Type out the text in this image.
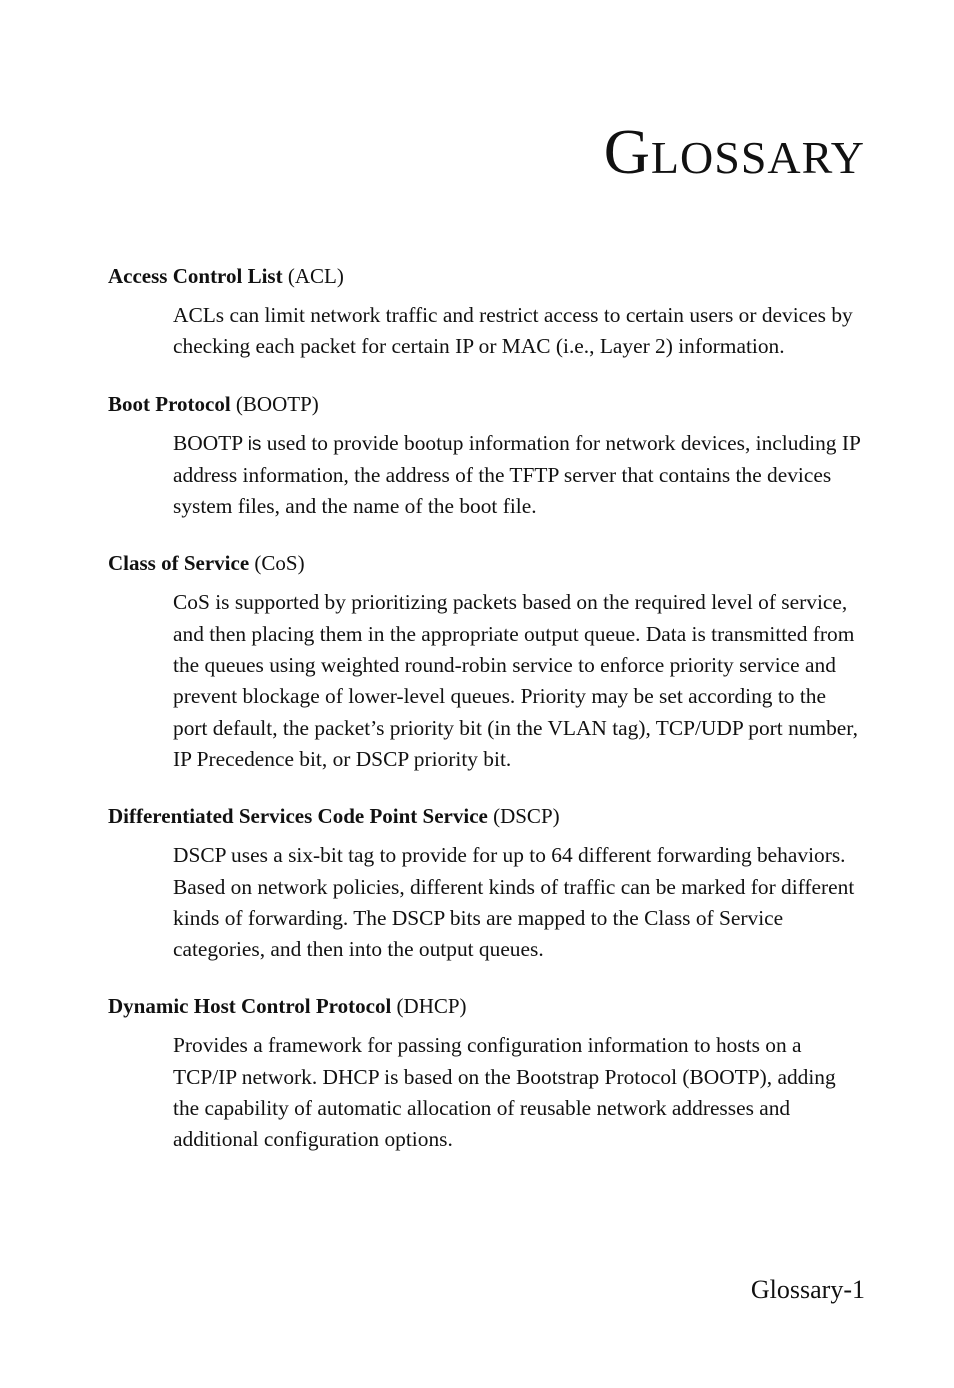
GLOSSARY

Access Control List (ACL)

ACLs can limit network traffic and restrict access to certain users or devices by checking each packet for certain IP or MAC (i.e., Layer 2) information.

Boot Protocol (BOOTP)

BOOTP is used to provide bootup information for network devices, including IP address information, the address of the TFTP server that contains the devices system files, and the name of the boot file.

Class of Service (CoS)

CoS is supported by prioritizing packets based on the required level of service, and then placing them in the appropriate output queue. Data is transmitted from the queues using weighted round-robin service to enforce priority service and prevent blockage of lower-level queues. Priority may be set according to the port default, the packet’s priority bit (in the VLAN tag), TCP/UDP port number, IP Precedence bit, or DSCP priority bit.

Differentiated Services Code Point Service (DSCP)

DSCP uses a six-bit tag to provide for up to 64 different forwarding behaviors. Based on network policies, different kinds of traffic can be marked for different kinds of forwarding. The DSCP bits are mapped to the Class of Service categories, and then into the output queues.

Dynamic Host Control Protocol (DHCP)

Provides a framework for passing configuration information to hosts on a TCP/IP network. DHCP is based on the Bootstrap Protocol (BOOTP), adding the capability of automatic allocation of reusable network addresses and additional configuration options.

Glossary-1
